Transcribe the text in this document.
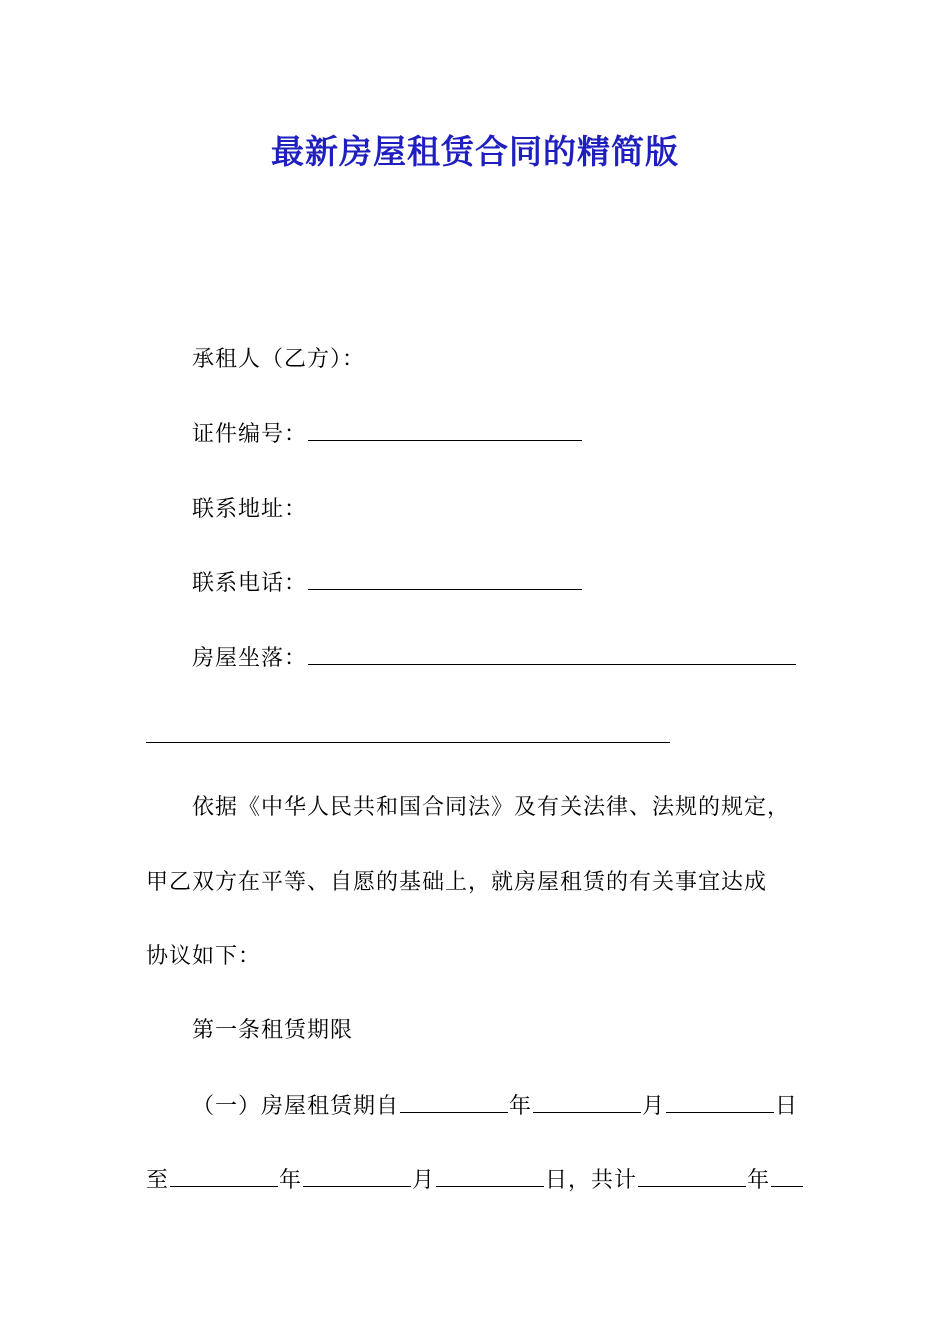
最新房屋租赁合同的精简版
承租人（乙方）：
证件编号：
联系地址：
联系电话：
房屋坐落：
依据《中华人民共和国合同法》及有关法律、法规的规定，
甲乙双方在平等、自愿的基础上，就房屋租赁的有关事宜达成
协议如下：
第一条租赁期限
（一）房屋租赁期自	年	月	日
至	年	月	日，共计	年
